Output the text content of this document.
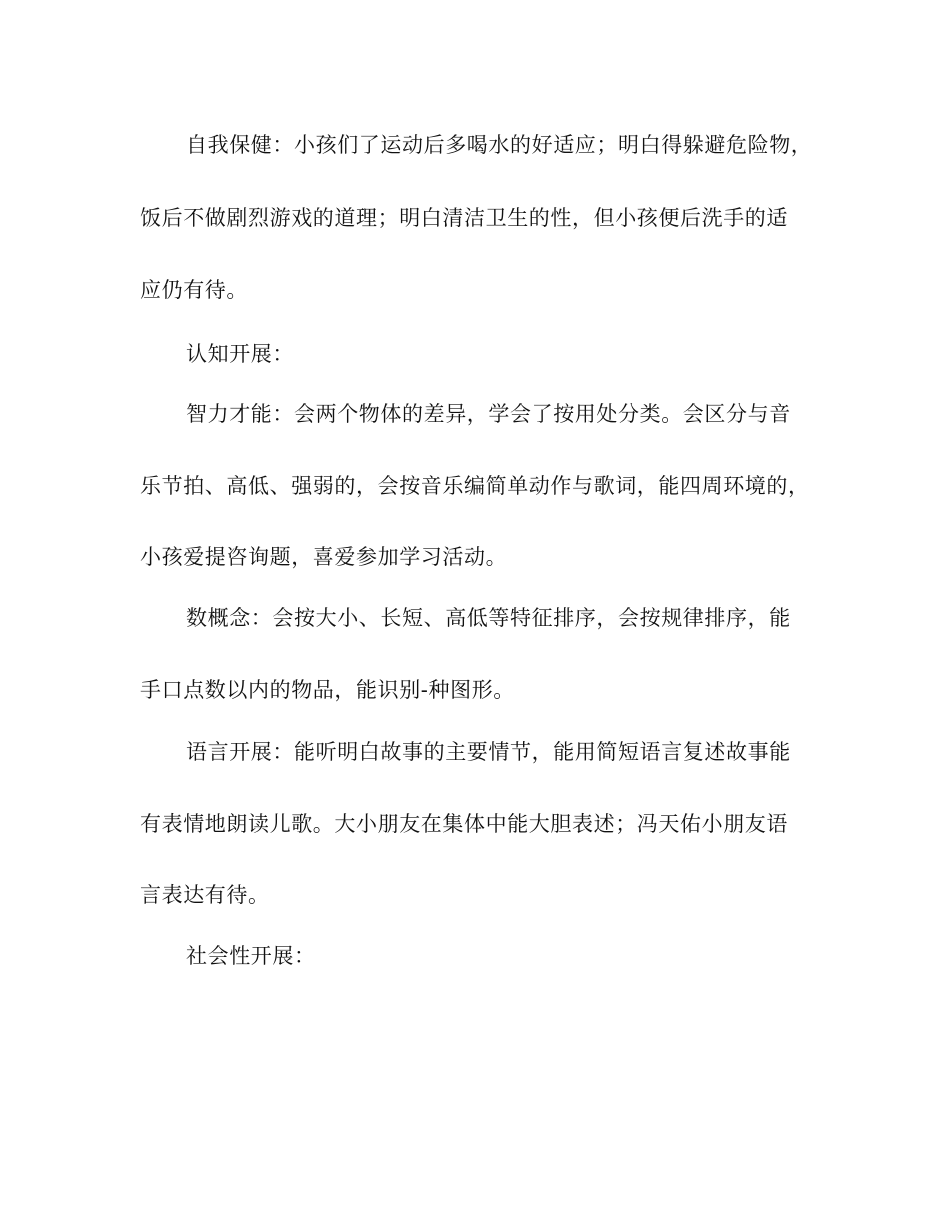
自我保健：小孩们了运动后多喝水的好适应；明白得躲避危险物，
饭后不做剧烈游戏的道理；明白清洁卫生的性，但小孩便后洗手的适
应仍有待。
认知开展：
智力才能：会两个物体的差异，学会了按用处分类。会区分与音
乐节拍、高低、强弱的，会按音乐编简单动作与歌词，能四周环境的，
小孩爱提咨询题，喜爱参加学习活动。
数概念：会按大小、长短、高低等特征排序，会按规律排序，能
手口点数以内的物品，能识别-种图形。
语言开展：能听明白故事的主要情节，能用简短语言复述故事能
有表情地朗读儿歌。大小朋友在集体中能大胆表述；冯天佑小朋友语
言表达有待。
社会性开展：
